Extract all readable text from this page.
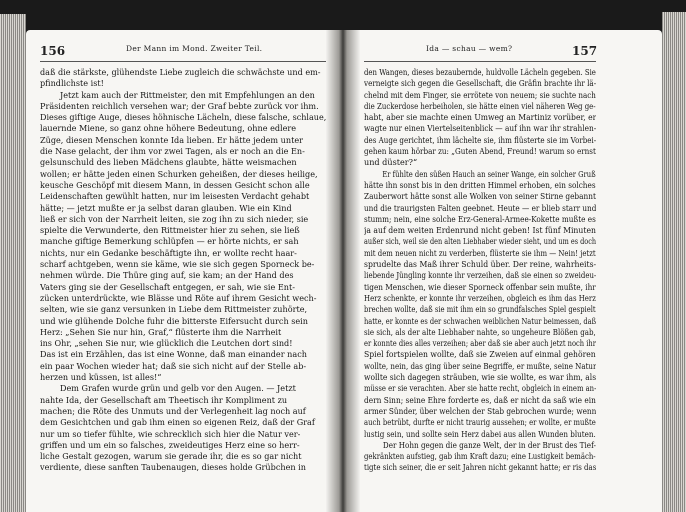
156	Der Mann im Mond. Zweiter Teil.
daß die stärkste, glühendste Liebe zugleich die schwächste und em-
pfindlichste ist!
Jetzt kam auch der Rittmeister, den mit Empfehlungen an den
Präsidenten reichlich versehen war; der Graf bebte zurück vor ihm.
Dieses giftige Auge, dieses höhnische Lächeln, diese falsche, schlaue,
lauernde Miene, so ganz ohne höhere Bedeutung, ohne edlere
Züge, diesen Menschen konnte Ida lieben. Er hätte jedem unter
die Nase gelacht, der ihm vor zwei Tagen, als er noch an die En-
gelsunschuld des lieben Mädchens glaubte, hätte weismachen
wollen; er hätte jeden einen Schurken geheißen, der dieses heilige,
keusche Geschöpf mit diesem Mann, in dessen Gesicht schon alle
Leidenschaften gewühlt hatten, nur im leisesten Verdacht gehabt
hätte; — jetzt mußte er ja selbst daran glauben. Wie ein Kind
ließ er sich von der Narrheit leiten, sie zog ihn zu sich nieder, sie
spielte die Verwunderte, den Rittmeister hier zu sehen, sie ließ
manche giftige Bemerkung schlüpfen — er hörte nichts, er sah
nichts, nur ein Gedanke beschäftigte ihn, er wollte recht haar-
scharf achtgeben, wenn sie käme, wie sie sich gegen Sporneck be-
nehmen würde. Die Thüre ging auf, sie kam; an der Hand des
Vaters ging sie der Gesellschaft entgegen, er sah, wie sie Ent-
zücken unterdrückte, wie Blässe und Röte auf ihrem Gesicht wech-
selten, wie sie ganz versunken in Liebe dem Rittmeister zuhörte,
und wie glühende Dolche fuhr die bitterste Eifersucht durch sein
Herz: „Sehen Sie nur hin, Graf,“ flüsterte ihm die Narrheit
ins Ohr, „sehen Sie nur, wie glücklich die Leutchen dort sind!
Das ist ein Erzählen, das ist eine Wonne, daß man einander nach
ein paar Wochen wieder hat; daß sie sich nicht auf der Stelle ab-
herzen und küssen, ist alles!“
Dem Grafen wurde grün und gelb vor den Augen. — Jetzt
nahte Ida, der Gesellschaft am Theetisch ihr Kompliment zu
machen; die Röte des Unmuts und der Verlegenheit lag noch auf
dem Gesichtchen und gab ihm einen so eigenen Reiz, daß der Graf
nur um so tiefer fühlte, wie schrecklich sich hier die Natur ver-
griffen und um ein so falsches, zweideutiges Herz eine so herr-
liche Gestalt gezogen, warum sie gerade ihr, die es so gar nicht
verdiente, diese sanften Taubenaugen, dieses holde Grübchen in
Ida — schau — wem?	157
den Wangen, dieses bezaubernde, huldvolle Lächeln gegeben. Sie
verneigte sich gegen die Gesellschaft, die Gräfin brachte ihr lä-
chelnd mit dem Finger, sie errötete von neuem; sie suchte nach
die Zuckerdose herbeiholen, sie hätte einen viel näheren Weg ge-
habt, aber sie machte einen Umweg an Martiniz vorüber, er
wagte nur einen Viertelseitenblick — auf ihn war ihr strahlen-
des Auge gerichtet, ihm lächelte sie, ihm flüsterte sie im Vorbei-
gehen kaum hörbar zu: „Guten Abend, Freund! warum so ernst
und düster?“
Er fühlte den süßen Hauch an seiner Wange, ein solcher Gruß
hätte ihn sonst bis in den dritten Himmel erhoben, ein solches
Zauberwort hätte sonst alle Wolken von seiner Stirne gebannt
und die traurigsten Falten geebnet. Heute — er blieb starr und
stumm; nein, eine solche Erz-General-Armee-Kokette mußte es
ja auf dem weiten Erdenrund nicht geben! Ist fünf Minuten
außer sich, weil sie den alten Liebhaber wieder sieht, und um es doch
mit dem neuen nicht zu verderben, flüsterte sie ihm — Nein! jetzt
sprudelte das Maß ihrer Schuld über. Der reine, wahrheits-
liebende Jüngling konnte ihr verzeihen, daß sie einen so zweideu-
tigen Menschen, wie dieser Sporneck offenbar sein mußte, ihr
Herz schenkte, er konnte ihr verzeihen, obgleich es ihm das Herz
brechen wollte, daß sie mit ihm ein so grundfalsches Spiel gespielt
hatte, er konnte es der schwachen weiblichen Natur beimessen, daß
sie sich, als der alte Liebhaber nahte, so ungeheure Blößen gab,
er konnte dies alles verzeihen; aber daß sie aber auch jetzt noch ihr
Spiel fortspielen wollte, daß sie Zweien auf einmal gehören
wollte, nein, das ging über seine Begriffe, er mußte, seine Natur
wollte sich dagegen sträuben, wie sie wollte, es war ihm, als
müsse er sie verachten. Aber sie hatte recht, obgleich in einem an-
dern Sinn; seine Ehre forderte es, daß er nicht da saß wie ein
armer Sünder, über welchen der Stab gebrochen wurde; wenn
auch betrübt, durfte er nicht traurig aussehen; er wollte, er mußte
lustig sein, und sollte sein Herz dabei aus allen Wunden bluten.
Der Hohn gegen die ganze Welt, der in der Brust des Tief-
gekränkten aufstieg, gab ihm Kraft dazu; eine Lustigkeit bemäch-
tigte sich seiner, die er seit Jahren nicht gekannt hatte; er ris das
